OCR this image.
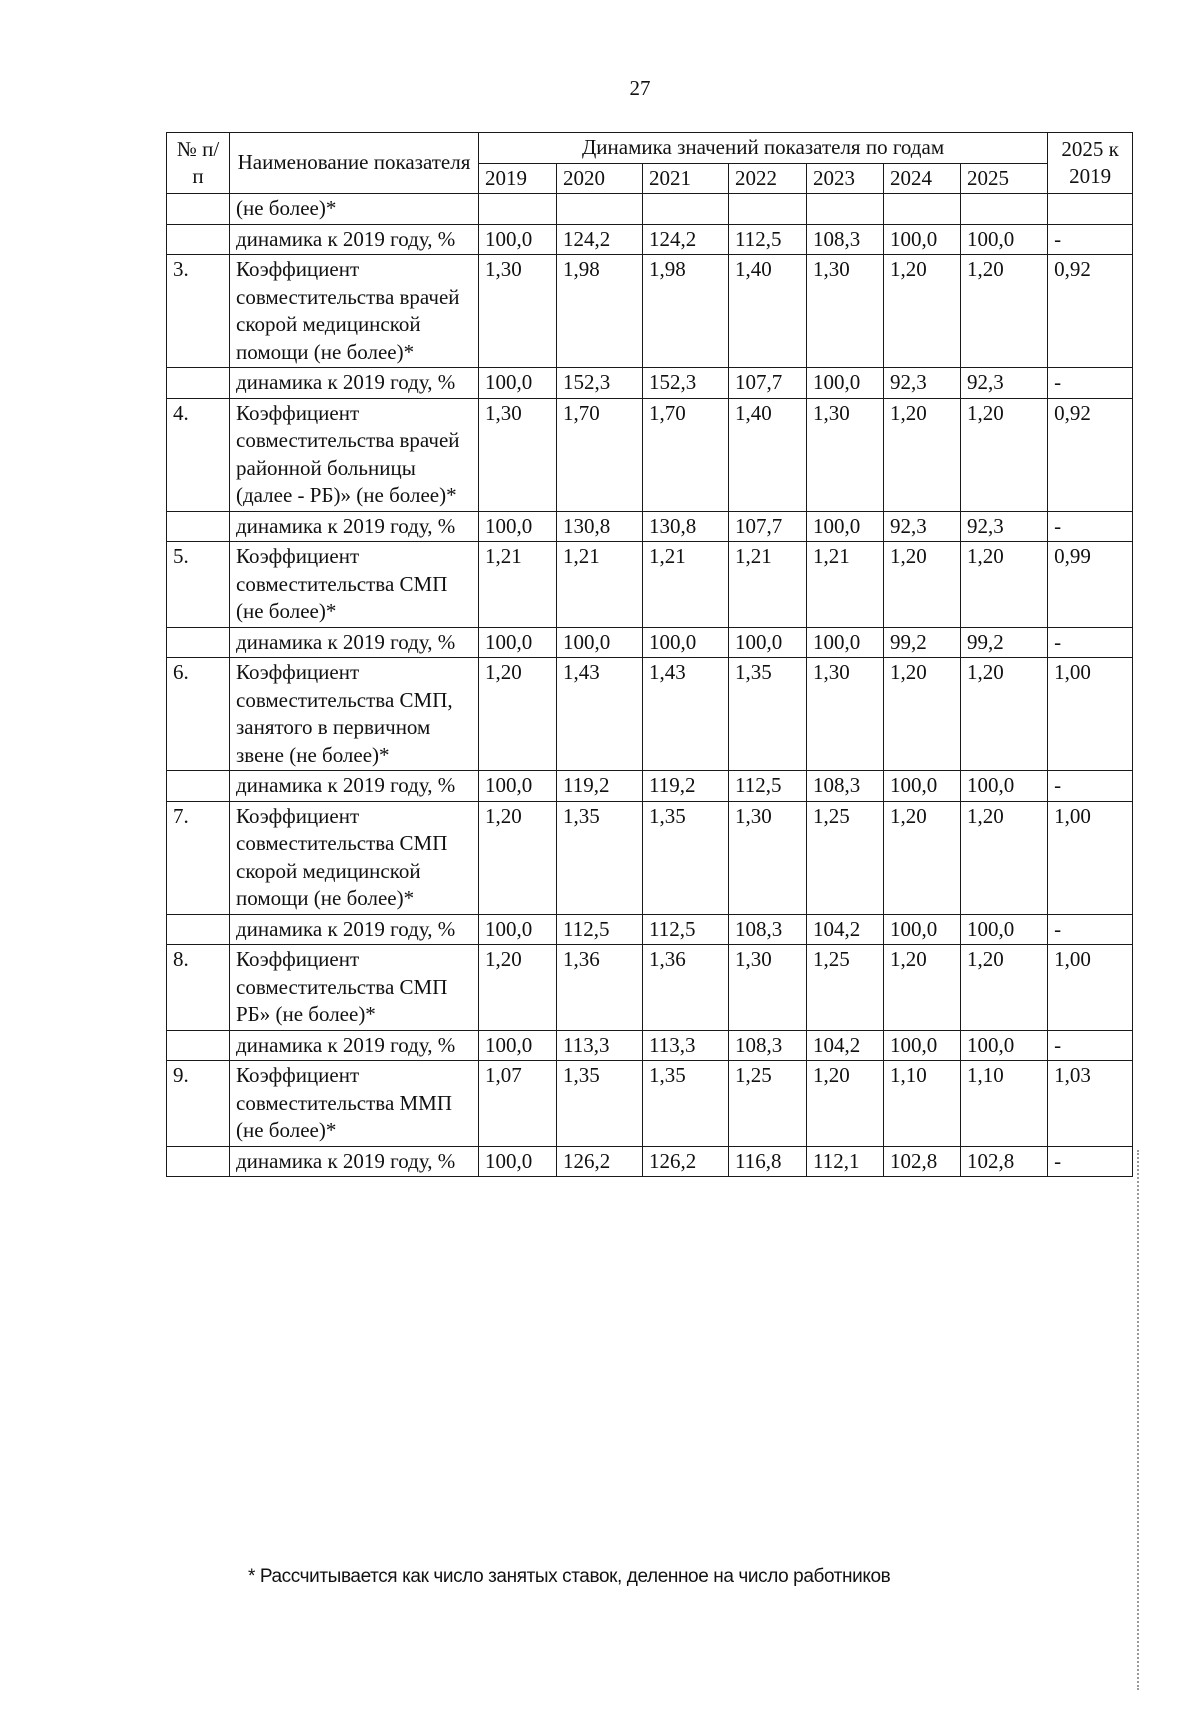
27
№ п/п	Наименование показателя	Динамика значений показателя по годам							2025 к 2019
		2019	2020	2021	2022	2023	2024	2025	
	(не более)*								
	динамика к 2019 году, %	100,0	124,2	124,2	112,5	108,3	100,0	100,0	-
3.	Коэффициент совместительства врачей скорой медицинской помощи (не более)*	1,30	1,98	1,98	1,40	1,30	1,20	1,20	0,92
	динамика к 2019 году, %	100,0	152,3	152,3	107,7	100,0	92,3	92,3	-
4.	Коэффициент совместительства врачей районной больницы (далее - РБ)» (не более)*	1,30	1,70	1,70	1,40	1,30	1,20	1,20	0,92
	динамика к 2019 году, %	100,0	130,8	130,8	107,7	100,0	92,3	92,3	-
5.	Коэффициент совместительства СМП (не более)*	1,21	1,21	1,21	1,21	1,21	1,20	1,20	0,99
	динамика к 2019 году, %	100,0	100,0	100,0	100,0	100,0	99,2	99,2	-
6.	Коэффициент совместительства СМП, занятого в первичном звене (не более)*	1,20	1,43	1,43	1,35	1,30	1,20	1,20	1,00
	динамика к 2019 году, %	100,0	119,2	119,2	112,5	108,3	100,0	100,0	-
7.	Коэффициент совместительства СМП скорой медицинской помощи (не более)*	1,20	1,35	1,35	1,30	1,25	1,20	1,20	1,00
	динамика к 2019 году, %	100,0	112,5	112,5	108,3	104,2	100,0	100,0	-
8.	Коэффициент совместительства СМП РБ» (не более)*	1,20	1,36	1,36	1,30	1,25	1,20	1,20	1,00
	динамика к 2019 году, %	100,0	113,3	113,3	108,3	104,2	100,0	100,0	-
9.	Коэффициент совместительства ММП (не более)*	1,07	1,35	1,35	1,25	1,20	1,10	1,10	1,03
	динамика к 2019 году, %	100,0	126,2	126,2	116,8	112,1	102,8	102,8	-
* Рассчитывается как число занятых ставок, деленное на число работников
